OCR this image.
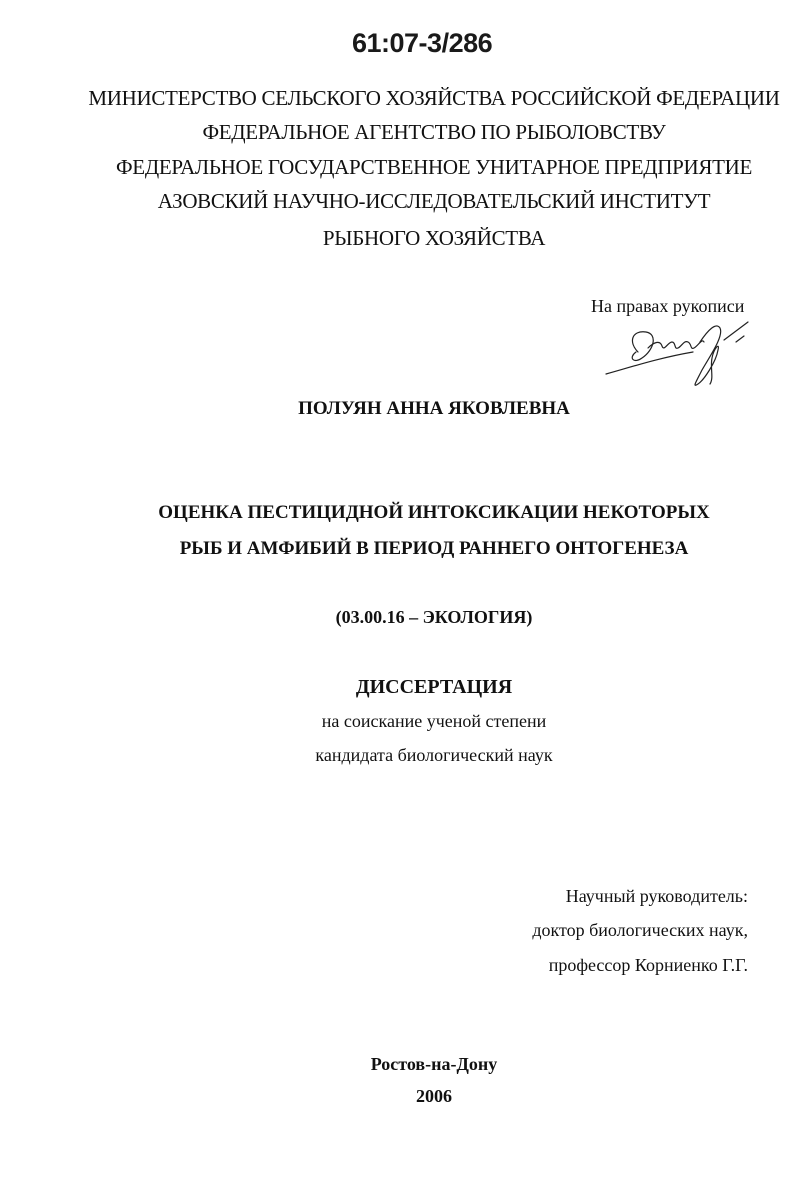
61:07-3/286
МИНИСТЕРСТВО СЕЛЬСКОГО ХОЗЯЙСТВА РОССИЙСКОЙ ФЕДЕРАЦИИ
ФЕДЕРАЛЬНОЕ АГЕНТСТВО ПО РЫБОЛОВСТВУ
ФЕДЕРАЛЬНОЕ ГОСУДАРСТВЕННОЕ УНИТАРНОЕ ПРЕДПРИЯТИЕ
АЗОВСКИЙ НАУЧНО-ИССЛЕДОВАТЕЛЬСКИЙ ИНСТИТУТ
РЫБНОГО ХОЗЯЙСТВА
На правах рукописи
ПОЛУЯН АННА ЯКОВЛЕВНА
ОЦЕНКА ПЕСТИЦИДНОЙ ИНТОКСИКАЦИИ НЕКОТОРЫХ
РЫБ И АМФИБИЙ В ПЕРИОД РАННЕГО ОНТОГЕНЕЗА
(03.00.16 – ЭКОЛОГИЯ)
ДИССЕРТАЦИЯ
на соискание ученой степени
кандидата биологический наук
Научный руководитель:
доктор биологических наук,
профессор Корниенко Г.Г.
Ростов-на-Дону
2006
